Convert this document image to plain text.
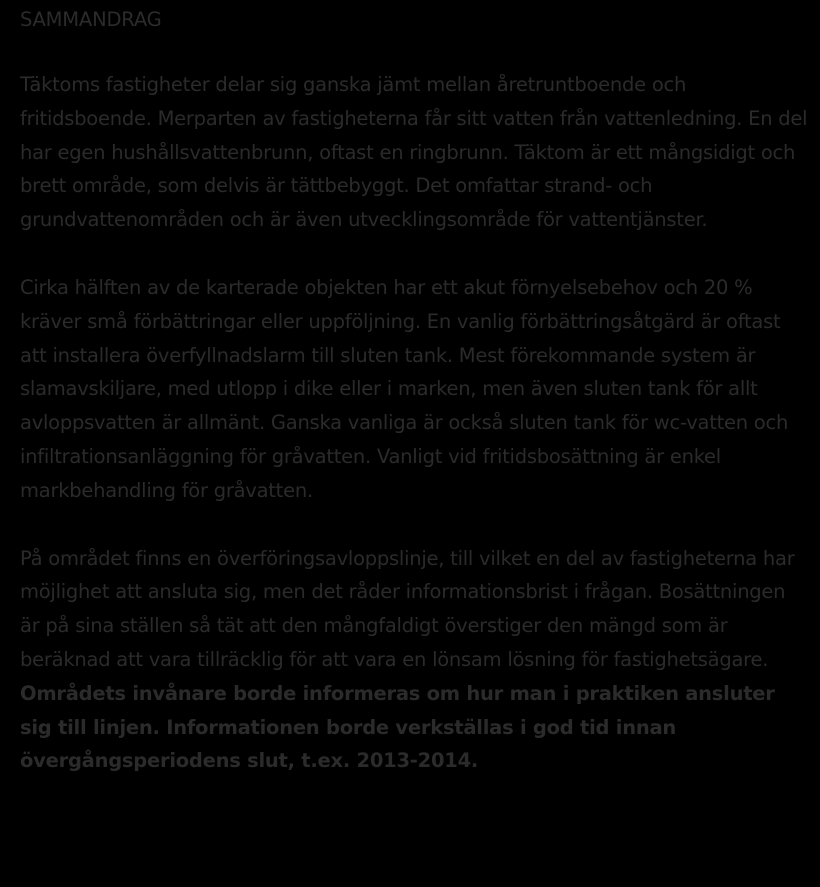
SAMMANDRAG

Täktoms fastigheter delar sig ganska jämt mellan åretruntboende och fritidsboende. Merparten av fastigheterna får sitt vatten från vattenledning. En del har egen hushållsvattenbrunn, oftast en ringbrunn. Täktom är ett mångsidigt och brett område, som delvis är tättbebyggt. Det omfattar strand- och grundvattenområden och är även utvecklingsområde för vattentjänster.

Cirka hälften av de karterade objekten har ett akut förnyelsebehov och 20 % kräver små förbättringar eller uppföljning. En vanlig förbättringsåtgärd är oftast att installera överfyllnadslarm till sluten tank. Mest förekommande system är slamavskiljare, med utlopp i dike eller i marken, men även sluten tank för allt avloppsvatten är allmänt. Ganska vanliga är också sluten tank för wc-vatten och infiltrationsanläggning för gråvatten. Vanligt vid fritidsbosättning är enkel markbehandling för gråvatten.

På området finns en överföringsavloppslinje, till vilket en del av fastigheterna har möjlighet att ansluta sig, men det råder informationsbrist i frågan. Bosättningen är på sina ställen så tät att den mångfaldigt överstiger den mängd som är beräknad att vara tillräcklig för att vara en lönsam lösning för fastighetsägare. Områdets invånare borde informeras om hur man i praktiken ansluter sig till linjen. Informationen borde verkställas i god tid innan övergångsperiodens slut, t.ex. 2013-2014.
